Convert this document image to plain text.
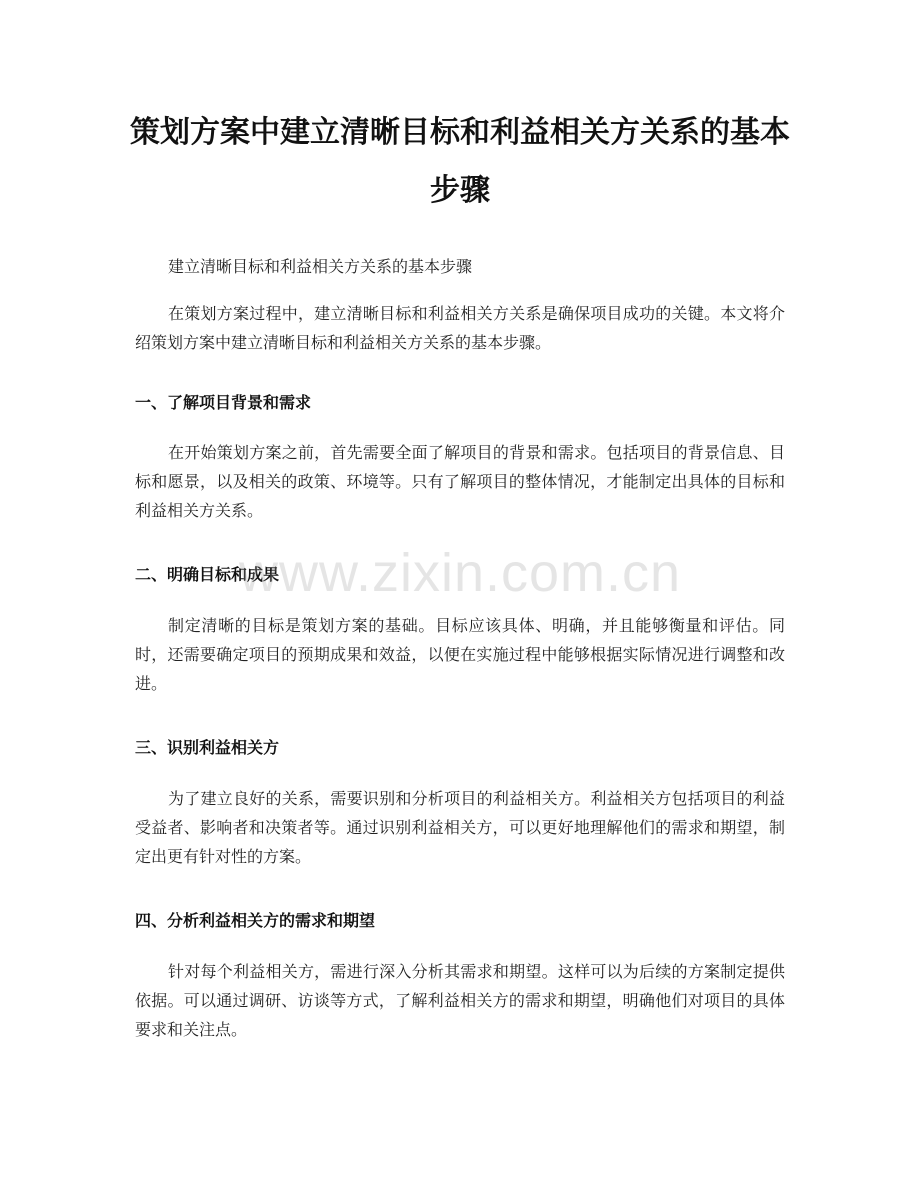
策划方案中建立清晰目标和利益相关方关系的基本步骤

建立清晰目标和利益相关方关系的基本步骤

在策划方案过程中，建立清晰目标和利益相关方关系是确保项目成功的关键。本文将介绍策划方案中建立清晰目标和利益相关方关系的基本步骤。

一、了解项目背景和需求

在开始策划方案之前，首先需要全面了解项目的背景和需求。包括项目的背景信息、目标和愿景，以及相关的政策、环境等。只有了解项目的整体情况，才能制定出具体的目标和利益相关方关系。

二、明确目标和成果

制定清晰的目标是策划方案的基础。目标应该具体、明确，并且能够衡量和评估。同时，还需要确定项目的预期成果和效益，以便在实施过程中能够根据实际情况进行调整和改进。

三、识别利益相关方

为了建立良好的关系，需要识别和分析项目的利益相关方。利益相关方包括项目的利益受益者、影响者和决策者等。通过识别利益相关方，可以更好地理解他们的需求和期望，制定出更有针对性的方案。

四、分析利益相关方的需求和期望

针对每个利益相关方，需进行深入分析其需求和期望。这样可以为后续的方案制定提供依据。可以通过调研、访谈等方式，了解利益相关方的需求和期望，明确他们对项目的具体要求和关注点。

www.zixin.com.cn
